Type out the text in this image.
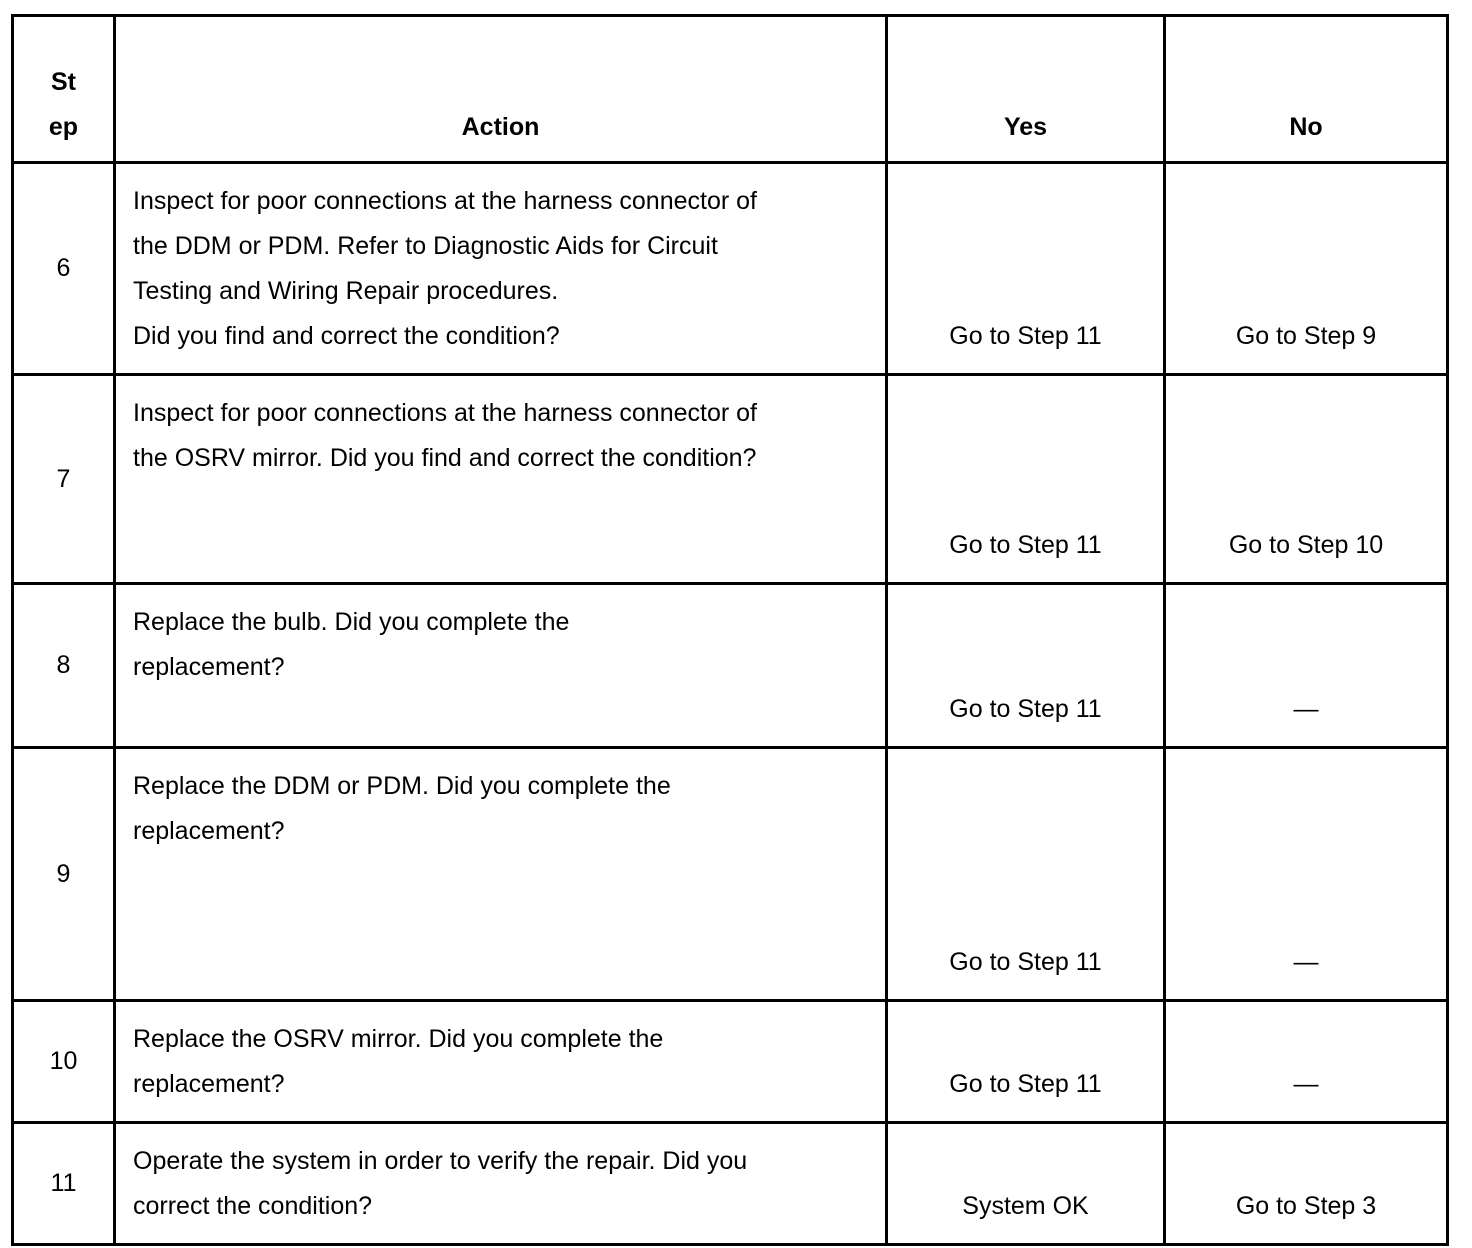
St ep	Action	Yes	No
6	Inspect for poor connections at the harness connector of
the DDM or PDM. Refer to Diagnostic Aids for Circuit
Testing and Wiring Repair procedures.
Did you find and correct the condition?	Go to Step 11	Go to Step 9
7	Inspect for poor connections at the harness connector of
the OSRV mirror. Did you find and correct the condition?	Go to Step 11	Go to Step 10
8	Replace the bulb. Did you complete the
replacement?	Go to Step 11	—
9	Replace the DDM or PDM. Did you complete the
replacement?	Go to Step 11	—
10	Replace the OSRV mirror. Did you complete the
replacement?	Go to Step 11	—
11	Operate the system in order to verify the repair. Did you
correct the condition?	System OK	Go to Step 3
